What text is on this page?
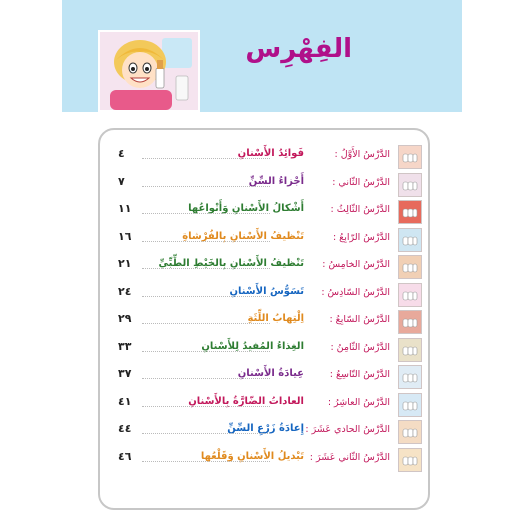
الفِهْرِس
الدَّرْسُ الأَوَّلُ :
فَوائِدُ الأَسْنانِ
٤
الدَّرْسُ الثّاني :
أَجْزاءُ السِّنِّ
٧
الدَّرْسُ الثّالِثُ :
أَشْكالُ الأَسْنانِ وَأَنْواعُها
١١
الدَّرْسُ الرّابِعُ :
تَنْظيفُ الأَسْنانِ بِالفُرْشاةِ
١٦
الدَّرْسُ الخامِسُ :
تَنْظيفُ الأَسْنانِ بِالخَيْطِ الطِّبِّيِّ
٢١
الدَّرْسُ السّادِسُ :
تَسَوُّسُ الأَسْنانِ
٢٤
الدَّرْسُ السّابِعُ :
اِلْتِهابُ اللِّثَةِ
٢٩
الدَّرْسُ الثّامِنُ :
الغِذاءُ المُفيدُ لِلأَسْنانِ
٣٣
الدَّرْسُ التّاسِعُ :
عِيادَةُ الأَسْنانِ
٣٧
الدَّرْسُ العاشِرُ :
العاداتُ الضّارَّةُ بِالأَسْنانِ
٤١
الدَّرْسُ الحادي عَشَرَ :
إِعادَةُ زَرْعِ السِّنِّ
٤٤
الدَّرْسُ الثّاني عَشَرَ :
تَبْديلُ الأَسْنانِ وَقَلْعُها
٤٦
